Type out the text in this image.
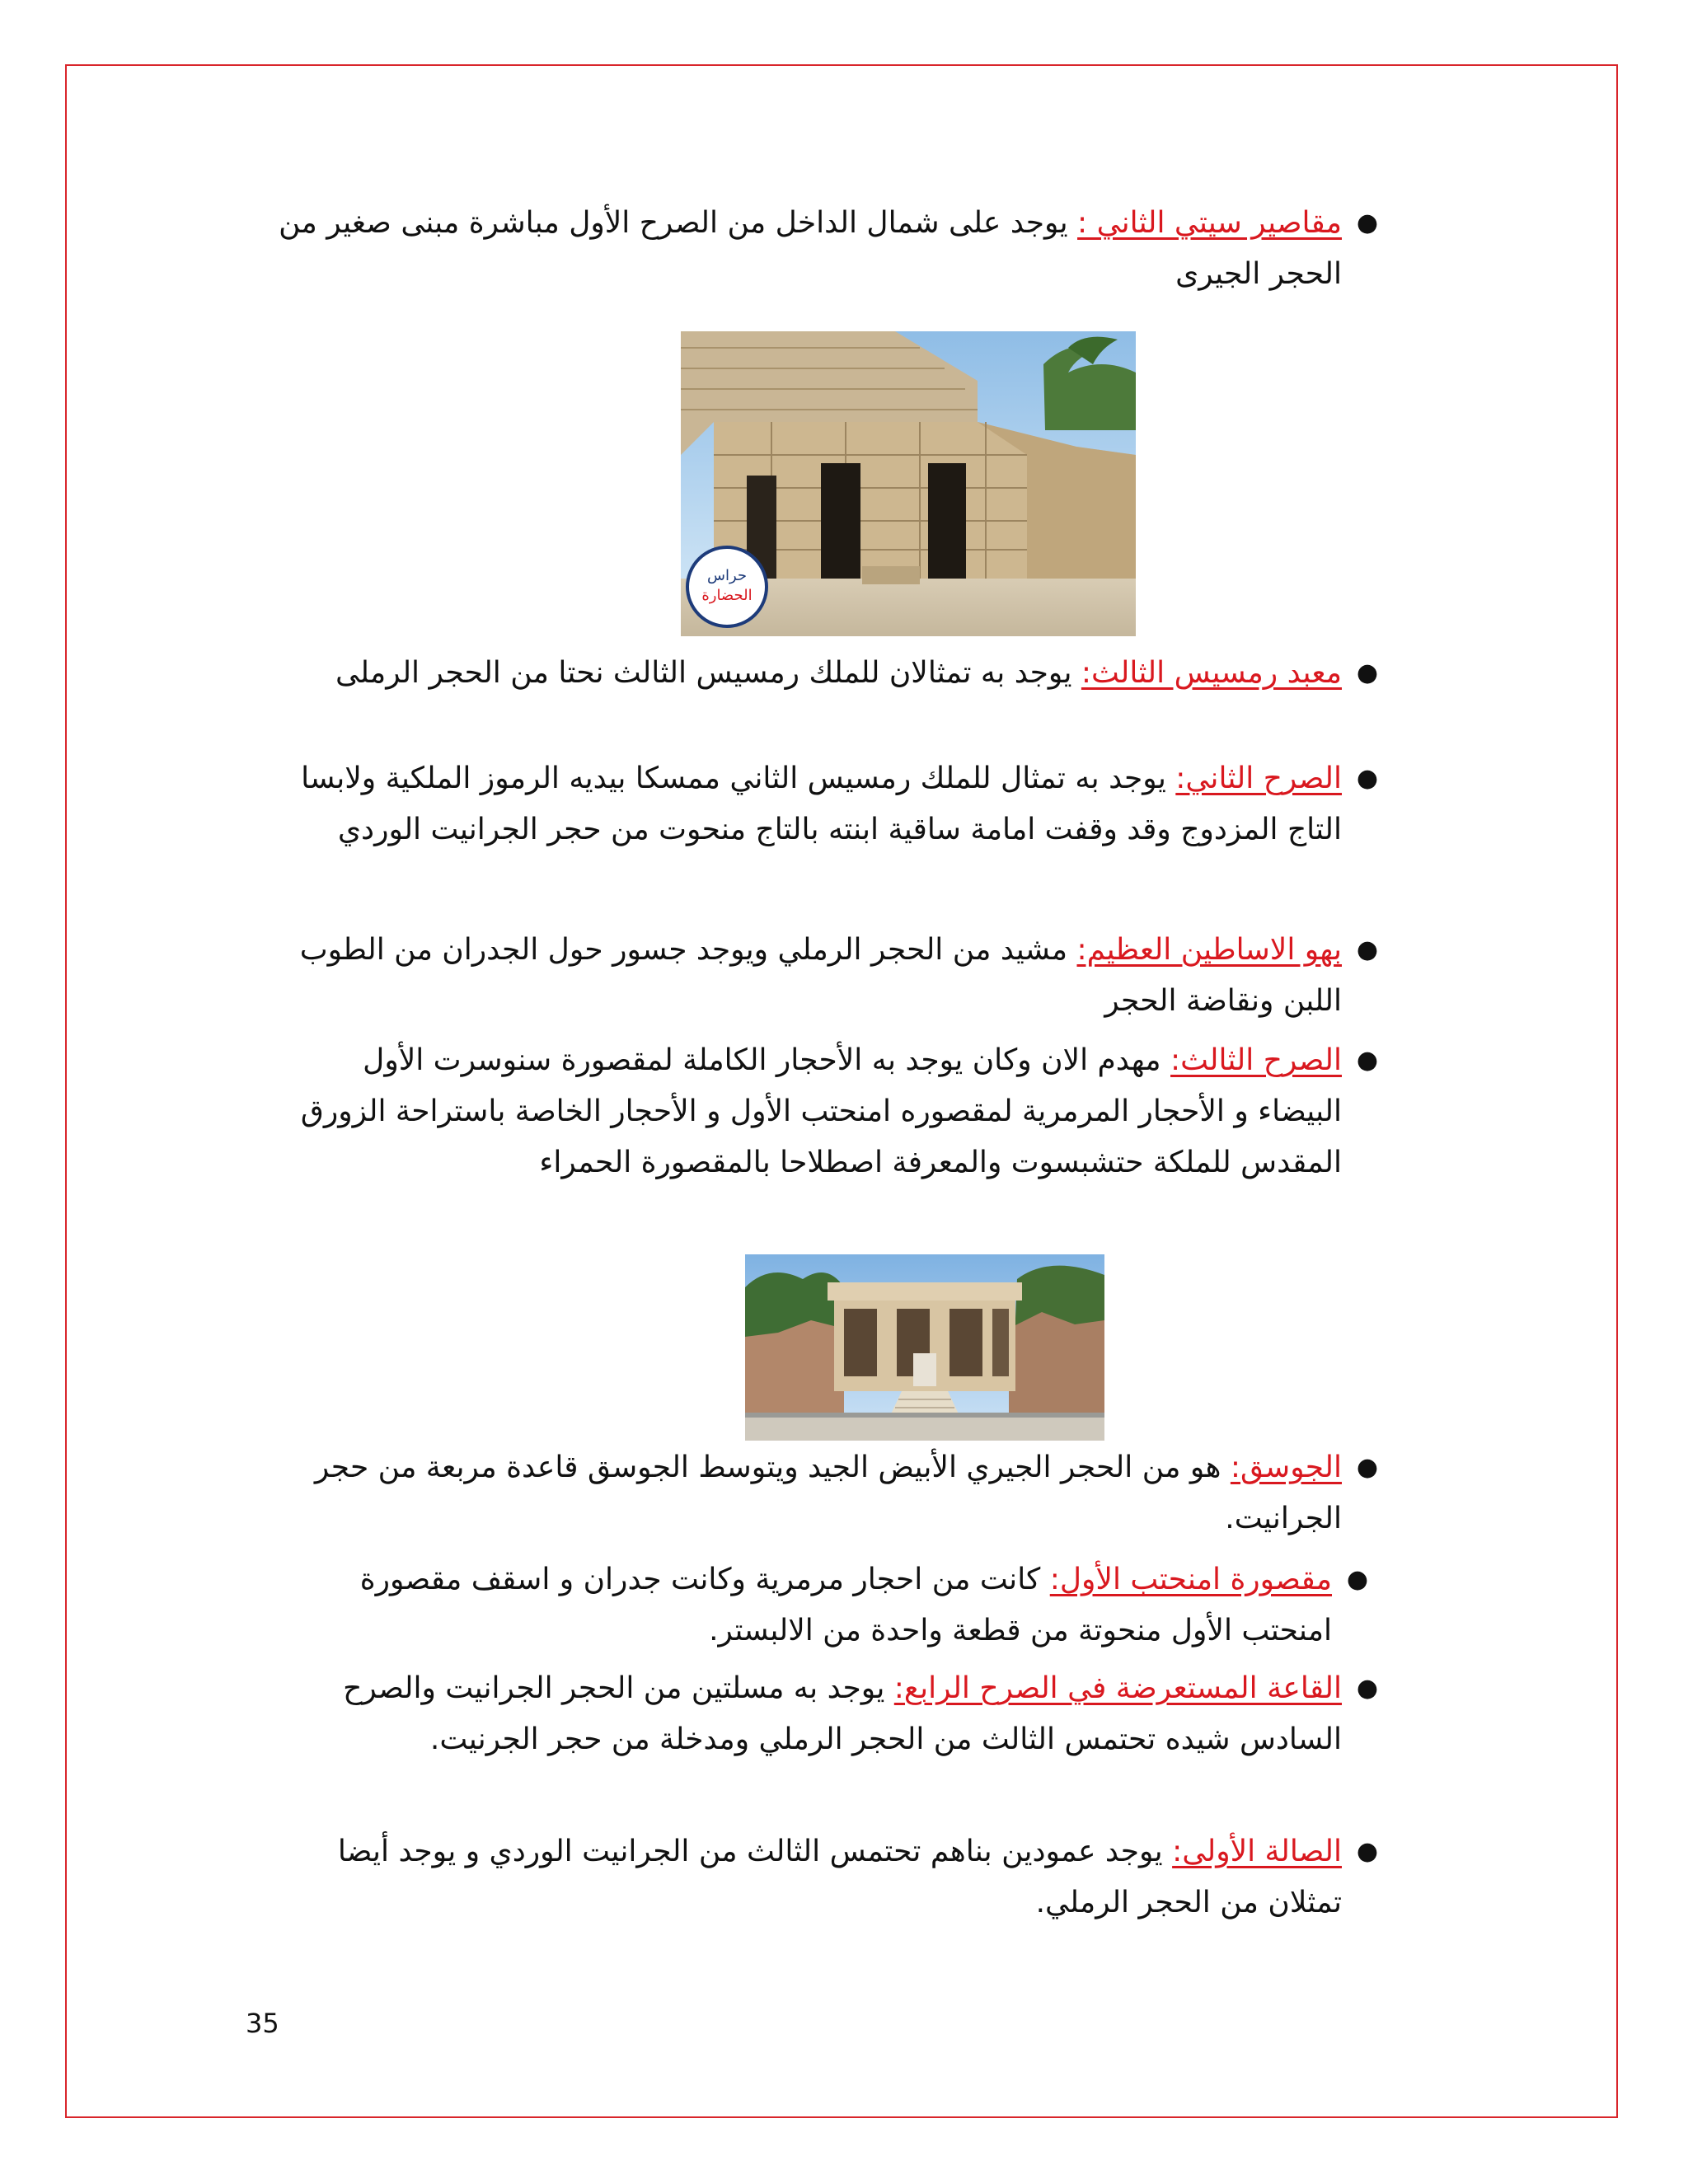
●
مقاصير سيتي الثاني : يوجد على شمال الداخل من الصرح الأول مباشرة مبنى صغير من الحجر الجيرى
حراس
الحضارة
●
معبد رمسيس الثالث: يوجد به تمثالان للملك رمسيس الثالث نحتا من الحجر الرملى
●
الصرح الثاني: يوجد به تمثال للملك رمسيس الثاني ممسكا بيديه الرموز الملكية ولابسا التاج المزدوج وقد وقفت امامة ساقية ابنته بالتاج منحوت من حجر الجرانيت الوردي
●
بهو الاساطين العظيم: مشيد من الحجر الرملي ويوجد جسور حول الجدران من الطوب اللبن ونقاضة الحجر
●
الصرح الثالث: مهدم الان وكان يوجد به الأحجار الكاملة لمقصورة سنوسرت الأول البيضاء و الأحجار المرمرية لمقصوره امنحتب الأول و الأحجار الخاصة باستراحة الزورق المقدس للملكة حتشبسوت والمعرفة اصطلاحا بالمقصورة الحمراء
●
الجوسق: هو من الحجر الجيري الأبيض الجيد ويتوسط الجوسق قاعدة مربعة من حجر الجرانيت.
●
مقصورة امنحتب الأول: كانت من احجار مرمرية وكانت جدران و اسقف مقصورة امنحتب الأول منحوتة من قطعة واحدة من الالبستر.
●
القاعة المستعرضة في الصرح الرابع: يوجد به مسلتين من الحجر الجرانيت والصرح السادس شيده تحتمس الثالث من الحجر الرملي ومدخلة من حجر الجرنيت.
●
الصالة الأولى: يوجد عمودين بناهم تحتمس الثالث من الجرانيت الوردي و يوجد أيضا تمثلان من الحجر الرملي.
35
